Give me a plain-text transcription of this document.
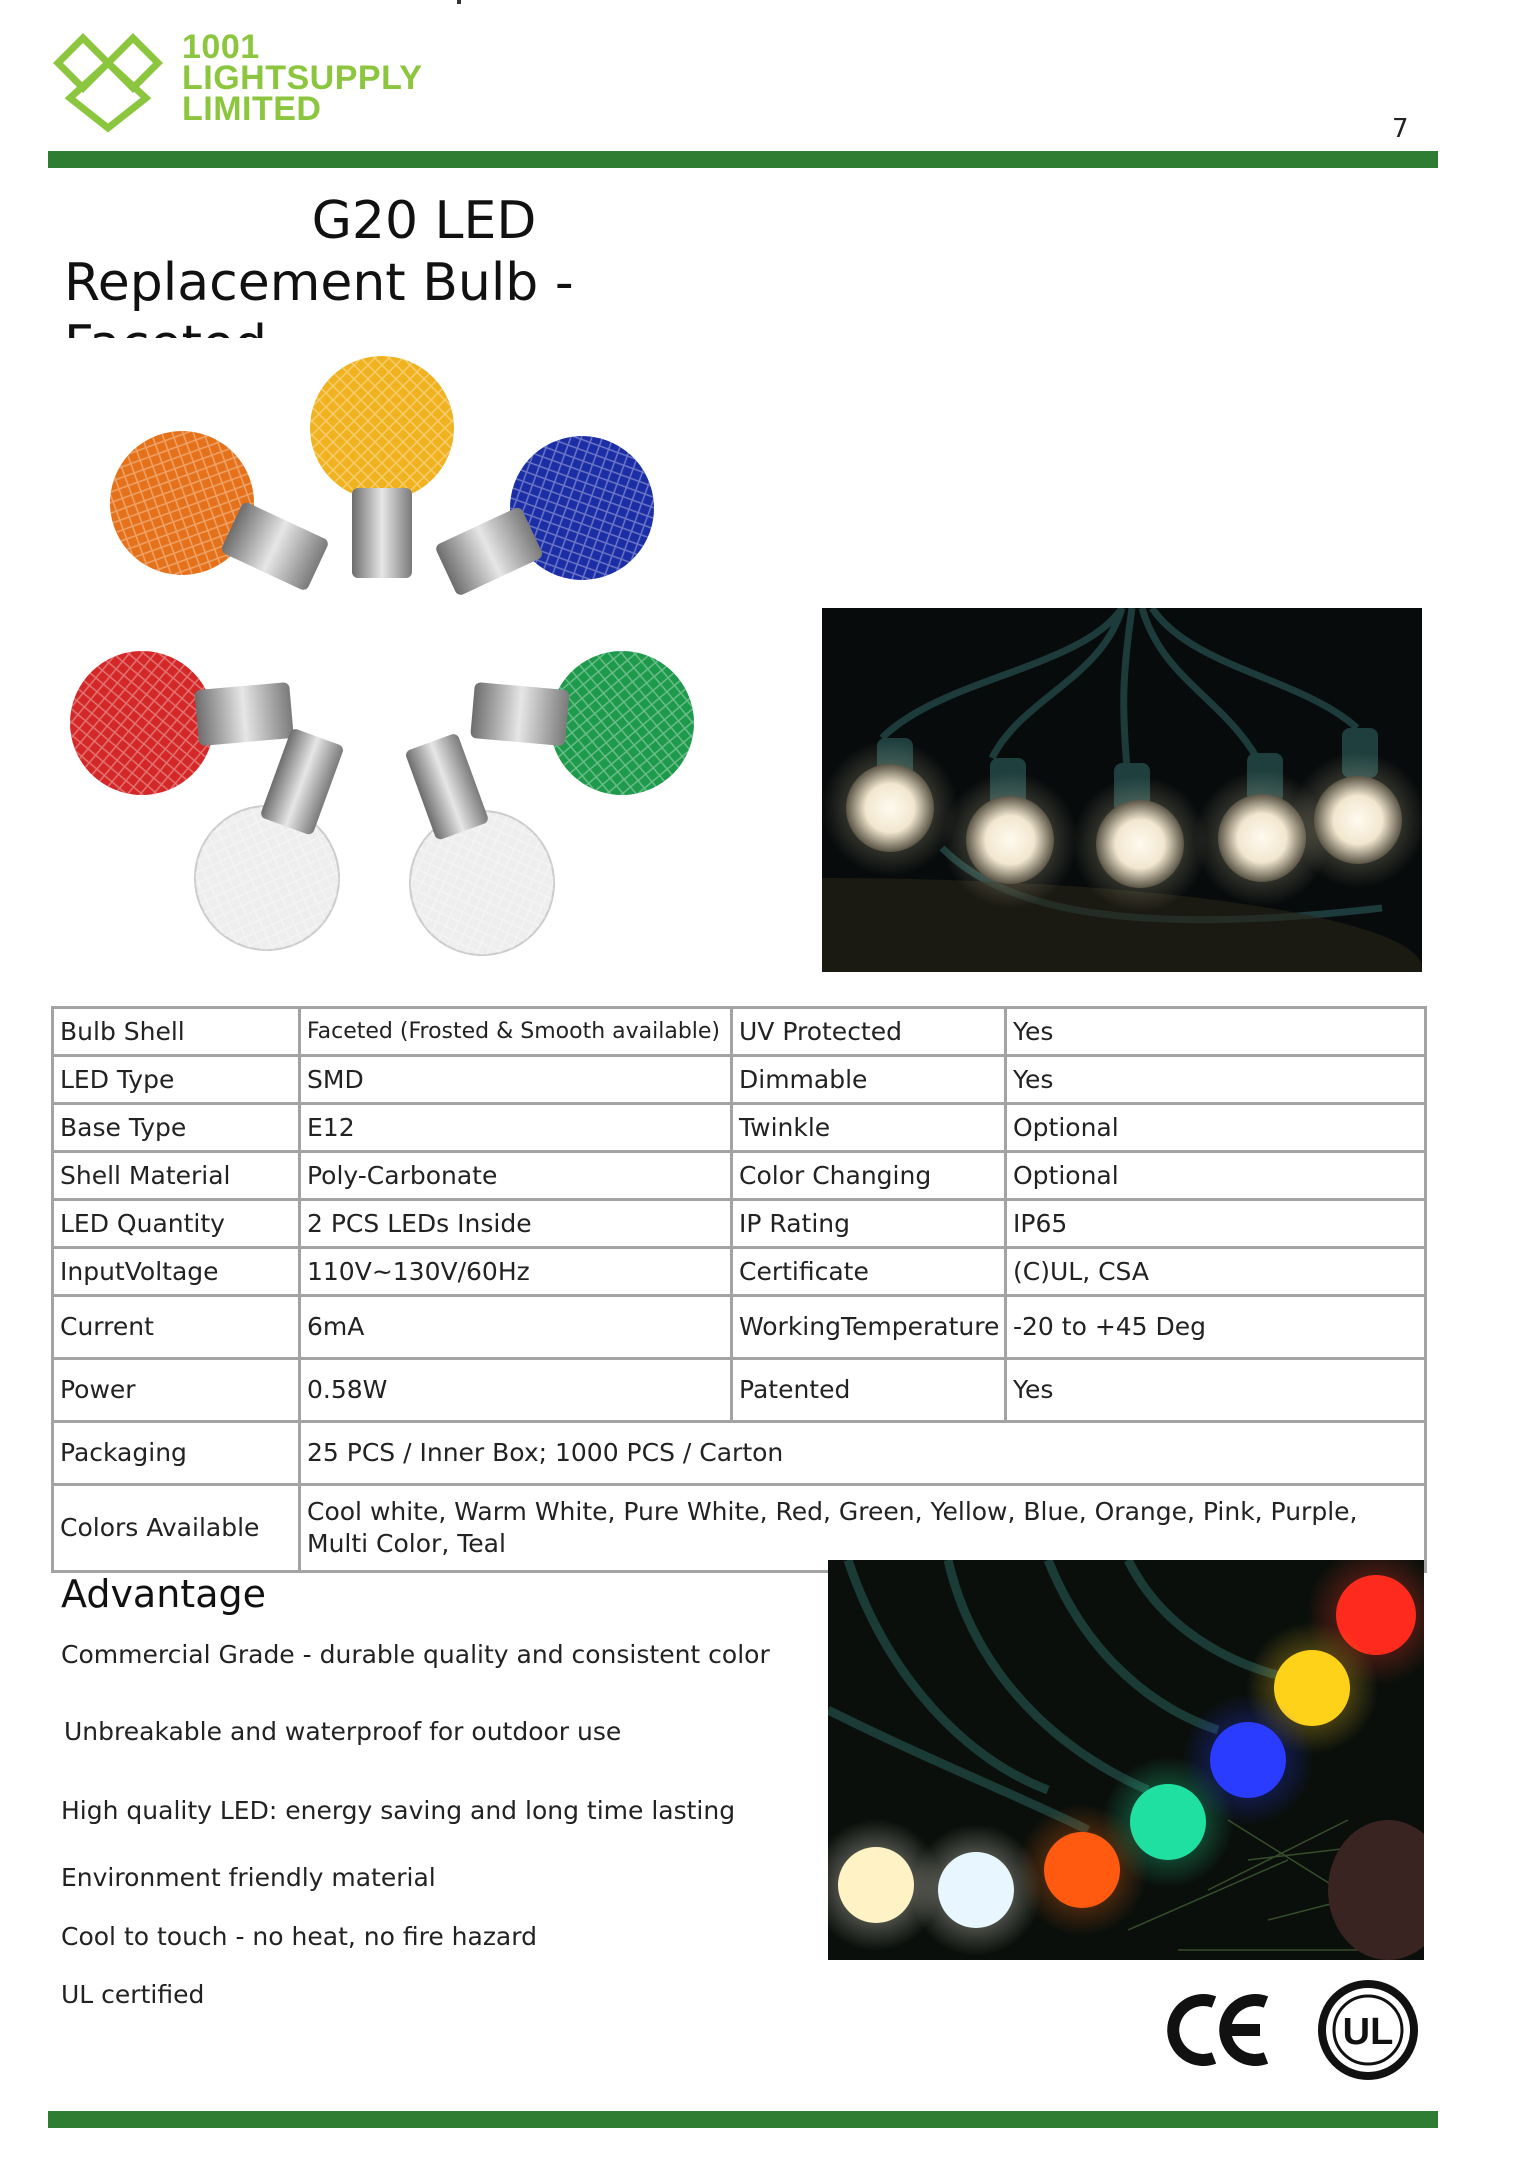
1001
LIGHTSUPPLY
LIMITED
7
G20 LED
Replacement Bulb -
Bulb Shell	Faceted (Frosted & Smooth available)	UV Protected	Yes
LED Type	SMD	Dimmable	Yes
Base Type	E12	Twinkle	Optional
Shell Material	Poly-Carbonate	Color Changing	Optional
LED Quantity	2 PCS LEDs Inside	IP Rating	IP65
InputVoltage	110V~130V/60Hz	Certificate	(C)UL, CSA
Current	6mA	WorkingTemperature	-20 to +45 Deg
Power	0.58W	Patented	Yes
Packaging	25 PCS / Inner Box; 1000 PCS / Carton		
Colors Available	Cool white, Warm White, Pure White, Red, Green, Yellow, Blue, Orange, Pink, Purple, Multi Color, Teal		
Advantage
Commercial Grade - durable quality and consistent color
Unbreakable and waterproof for outdoor use
High quality LED: energy saving and long time lasting
Environment friendly material
Cool to touch - no heat, no fire hazard
UL certified
UL
